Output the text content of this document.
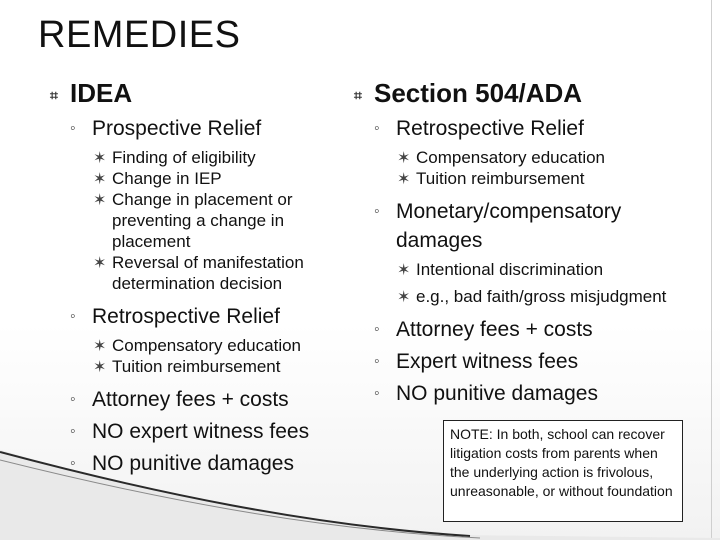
REMEDIES
⌗ IDEA
◦ Prospective Relief
✶ Finding of eligibility
✶ Change in IEP
✶ Change in placement or preventing a change in placement
✶ Reversal of manifestation determination decision
◦ Retrospective Relief
✶ Compensatory education
✶ Tuition reimbursement
◦ Attorney fees + costs
◦ NO expert witness fees
◦ NO punitive damages
⌗ Section 504/ADA
◦ Retrospective Relief
✶ Compensatory education
✶ Tuition reimbursement
◦ Monetary/compensatory damages
✶ Intentional discrimination
✶ e.g., bad faith/gross misjudgment
◦ Attorney fees + costs
◦ Expert witness fees
◦ NO punitive damages
NOTE: In both, school can recover litigation costs from parents when the underlying action is frivolous, unreasonable, or without foundation
